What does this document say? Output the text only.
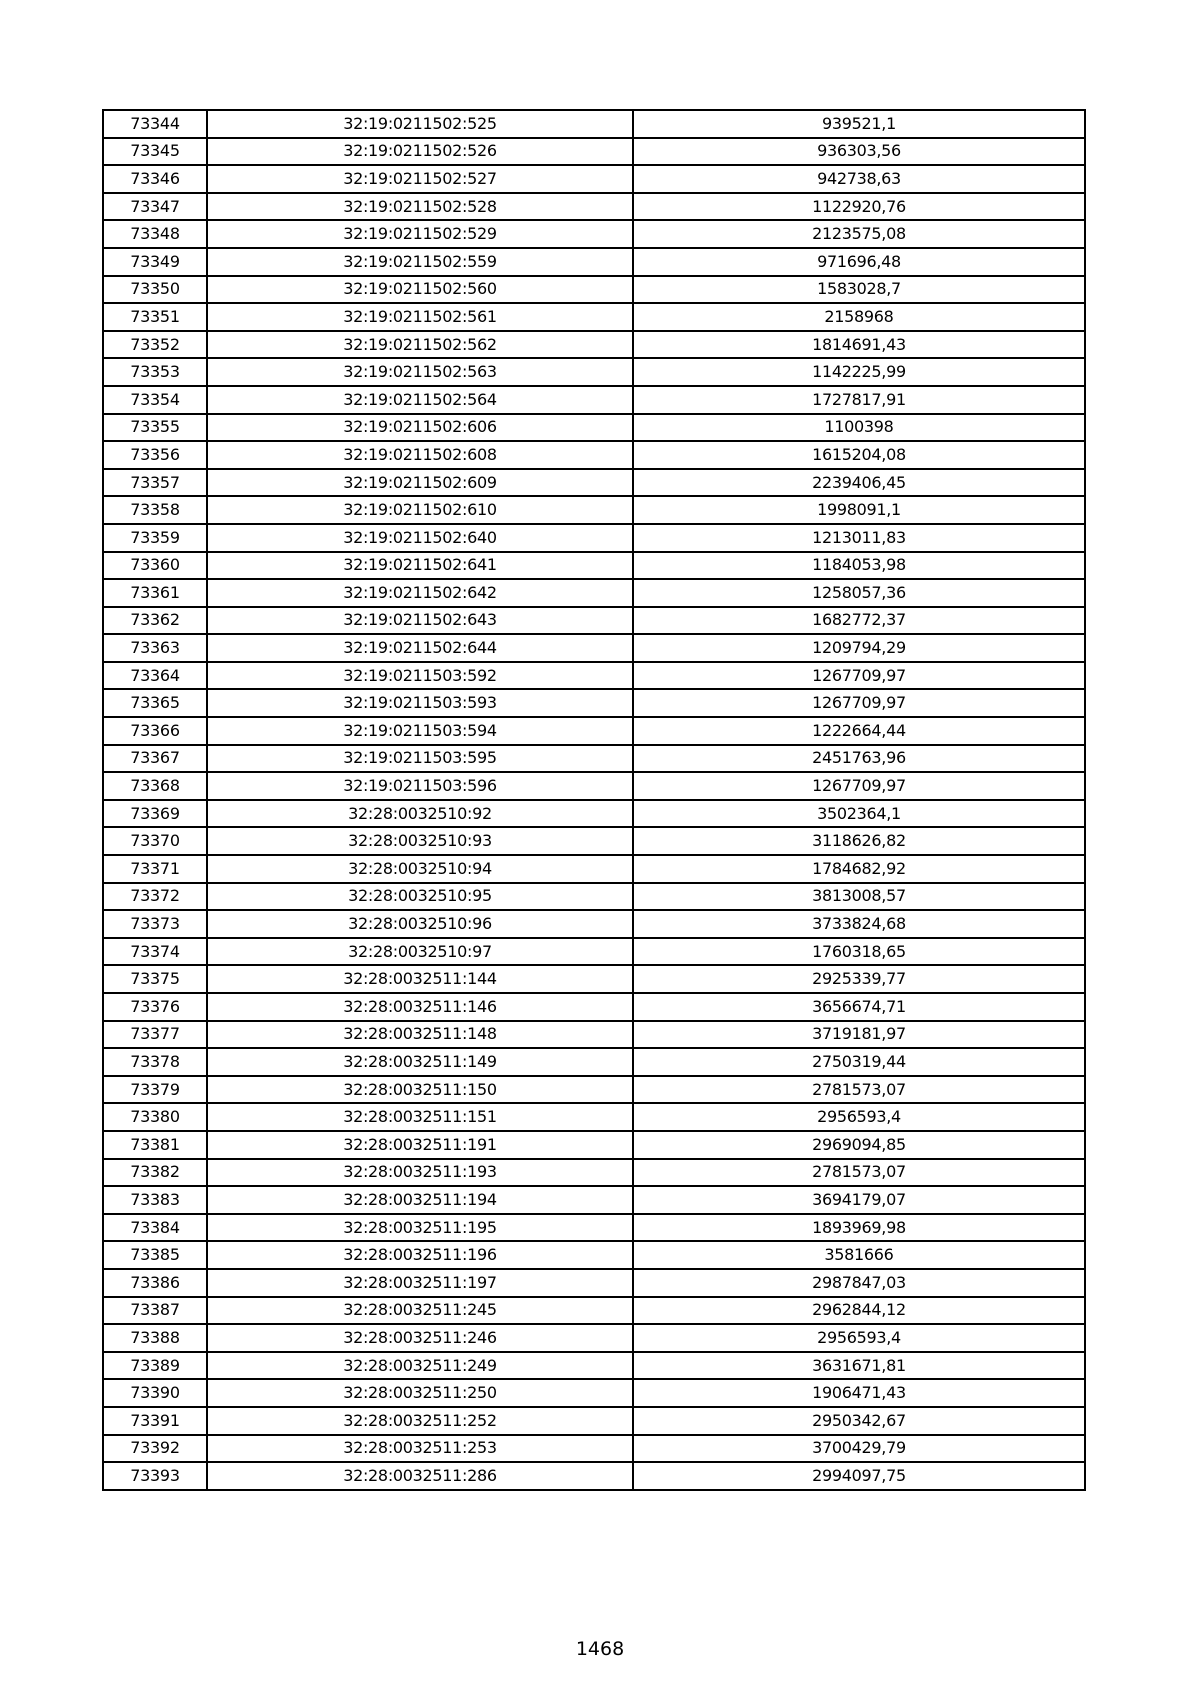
73344	32:19:0211502:525	939521,1
73345	32:19:0211502:526	936303,56
73346	32:19:0211502:527	942738,63
73347	32:19:0211502:528	1122920,76
73348	32:19:0211502:529	2123575,08
73349	32:19:0211502:559	971696,48
73350	32:19:0211502:560	1583028,7
73351	32:19:0211502:561	2158968
73352	32:19:0211502:562	1814691,43
73353	32:19:0211502:563	1142225,99
73354	32:19:0211502:564	1727817,91
73355	32:19:0211502:606	1100398
73356	32:19:0211502:608	1615204,08
73357	32:19:0211502:609	2239406,45
73358	32:19:0211502:610	1998091,1
73359	32:19:0211502:640	1213011,83
73360	32:19:0211502:641	1184053,98
73361	32:19:0211502:642	1258057,36
73362	32:19:0211502:643	1682772,37
73363	32:19:0211502:644	1209794,29
73364	32:19:0211503:592	1267709,97
73365	32:19:0211503:593	1267709,97
73366	32:19:0211503:594	1222664,44
73367	32:19:0211503:595	2451763,96
73368	32:19:0211503:596	1267709,97
73369	32:28:0032510:92	3502364,1
73370	32:28:0032510:93	3118626,82
73371	32:28:0032510:94	1784682,92
73372	32:28:0032510:95	3813008,57
73373	32:28:0032510:96	3733824,68
73374	32:28:0032510:97	1760318,65
73375	32:28:0032511:144	2925339,77
73376	32:28:0032511:146	3656674,71
73377	32:28:0032511:148	3719181,97
73378	32:28:0032511:149	2750319,44
73379	32:28:0032511:150	2781573,07
73380	32:28:0032511:151	2956593,4
73381	32:28:0032511:191	2969094,85
73382	32:28:0032511:193	2781573,07
73383	32:28:0032511:194	3694179,07
73384	32:28:0032511:195	1893969,98
73385	32:28:0032511:196	3581666
73386	32:28:0032511:197	2987847,03
73387	32:28:0032511:245	2962844,12
73388	32:28:0032511:246	2956593,4
73389	32:28:0032511:249	3631671,81
73390	32:28:0032511:250	1906471,43
73391	32:28:0032511:252	2950342,67
73392	32:28:0032511:253	3700429,79
73393	32:28:0032511:286	2994097,75
1468
